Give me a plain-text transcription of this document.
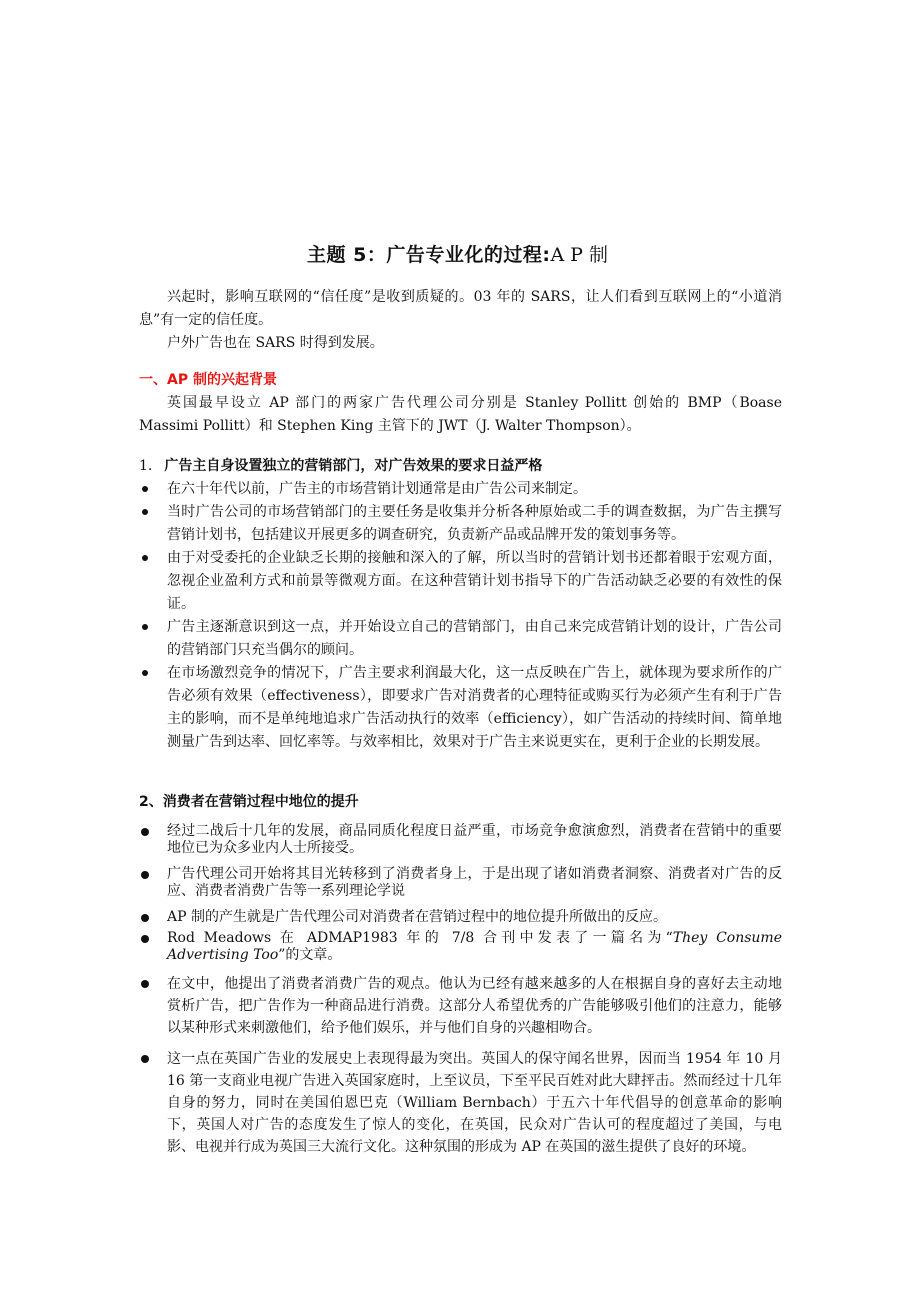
主题 5：广告专业化的过程:AP制

兴起时，影响互联网的“信任度”是收到质疑的。03 年的 SARS，让人们看到互联网上的“小道消息”有一定的信任度。

户外广告也在 SARS 时得到发展。

一、AP 制的兴起背景

英国最早设立 AP 部门的两家广告代理公司分别是 Stanley Pollitt 创始的 BMP（Boase Massimi Pollitt）和 Stephen King 主管下的 JWT（J. Walter Thompson）。

1. 广告主自身设置独立的营销部门，对广告效果的要求日益严格
在六十年代以前，广告主的市场营销计划通常是由广告公司来制定。
当时广告公司的市场营销部门的主要任务是收集并分析各种原始或二手的调查数据，为广告主撰写营销计划书，包括建议开展更多的调查研究，负责新产品或品牌开发的策划事务等。
由于对受委托的企业缺乏长期的接触和深入的了解，所以当时的营销计划书还都着眼于宏观方面，忽视企业盈利方式和前景等微观方面。在这种营销计划书指导下的广告活动缺乏必要的有效性的保证。
广告主逐渐意识到这一点，并开始设立自己的营销部门，由自己来完成营销计划的设计，广告公司的营销部门只充当偶尔的顾问。
在市场激烈竞争的情况下，广告主要求利润最大化，这一点反映在广告上，就体现为要求所作的广告必须有效果（effectiveness），即要求广告对消费者的心理特征或购买行为必须产生有利于广告主的影响，而不是单纯地追求广告活动执行的效率（efficiency），如广告活动的持续时间、简单地测量广告到达率、回忆率等。与效率相比，效果对于广告主来说更实在，更利于企业的长期发展。
2、消费者在营销过程中地位的提升
经过二战后十几年的发展，商品同质化程度日益严重，市场竞争愈演愈烈，消费者在营销中的重要地位已为众多业内人士所接受。
广告代理公司开始将其目光转移到了消费者身上，于是出现了诸如消费者洞察、消费者对广告的反应、消费者消费广告等一系列理论学说
AP 制的产生就是广告代理公司对消费者在营销过程中的地位提升所做出的反应。
Rod Meadows 在 ADMAP1983 年的 7/8 合刊中发表了一篇名为“They Consume Advertising Too”的文章。
在文中，他提出了消费者消费广告的观点。他认为已经有越来越多的人在根据自身的喜好去主动地赏析广告，把广告作为一种商品进行消费。这部分人希望优秀的广告能够吸引他们的注意力，能够以某种形式来刺激他们，给予他们娱乐，并与他们自身的兴趣相吻合。
这一点在英国广告业的发展史上表现得最为突出。英国人的保守闻名世界，因而当 1954 年 10 月 16 第一支商业电视广告进入英国家庭时，上至议员，下至平民百姓对此大肆抨击。然而经过十几年自身的努力，同时在美国伯恩巴克（William Bernbach）于五六十年代倡导的创意革命的影响下，英国人对广告的态度发生了惊人的变化，在英国，民众对广告认可的程度超过了美国，与电影、电视并行成为英国三大流行文化。这种氛围的形成为 AP 在英国的滋生提供了良好的环境。
